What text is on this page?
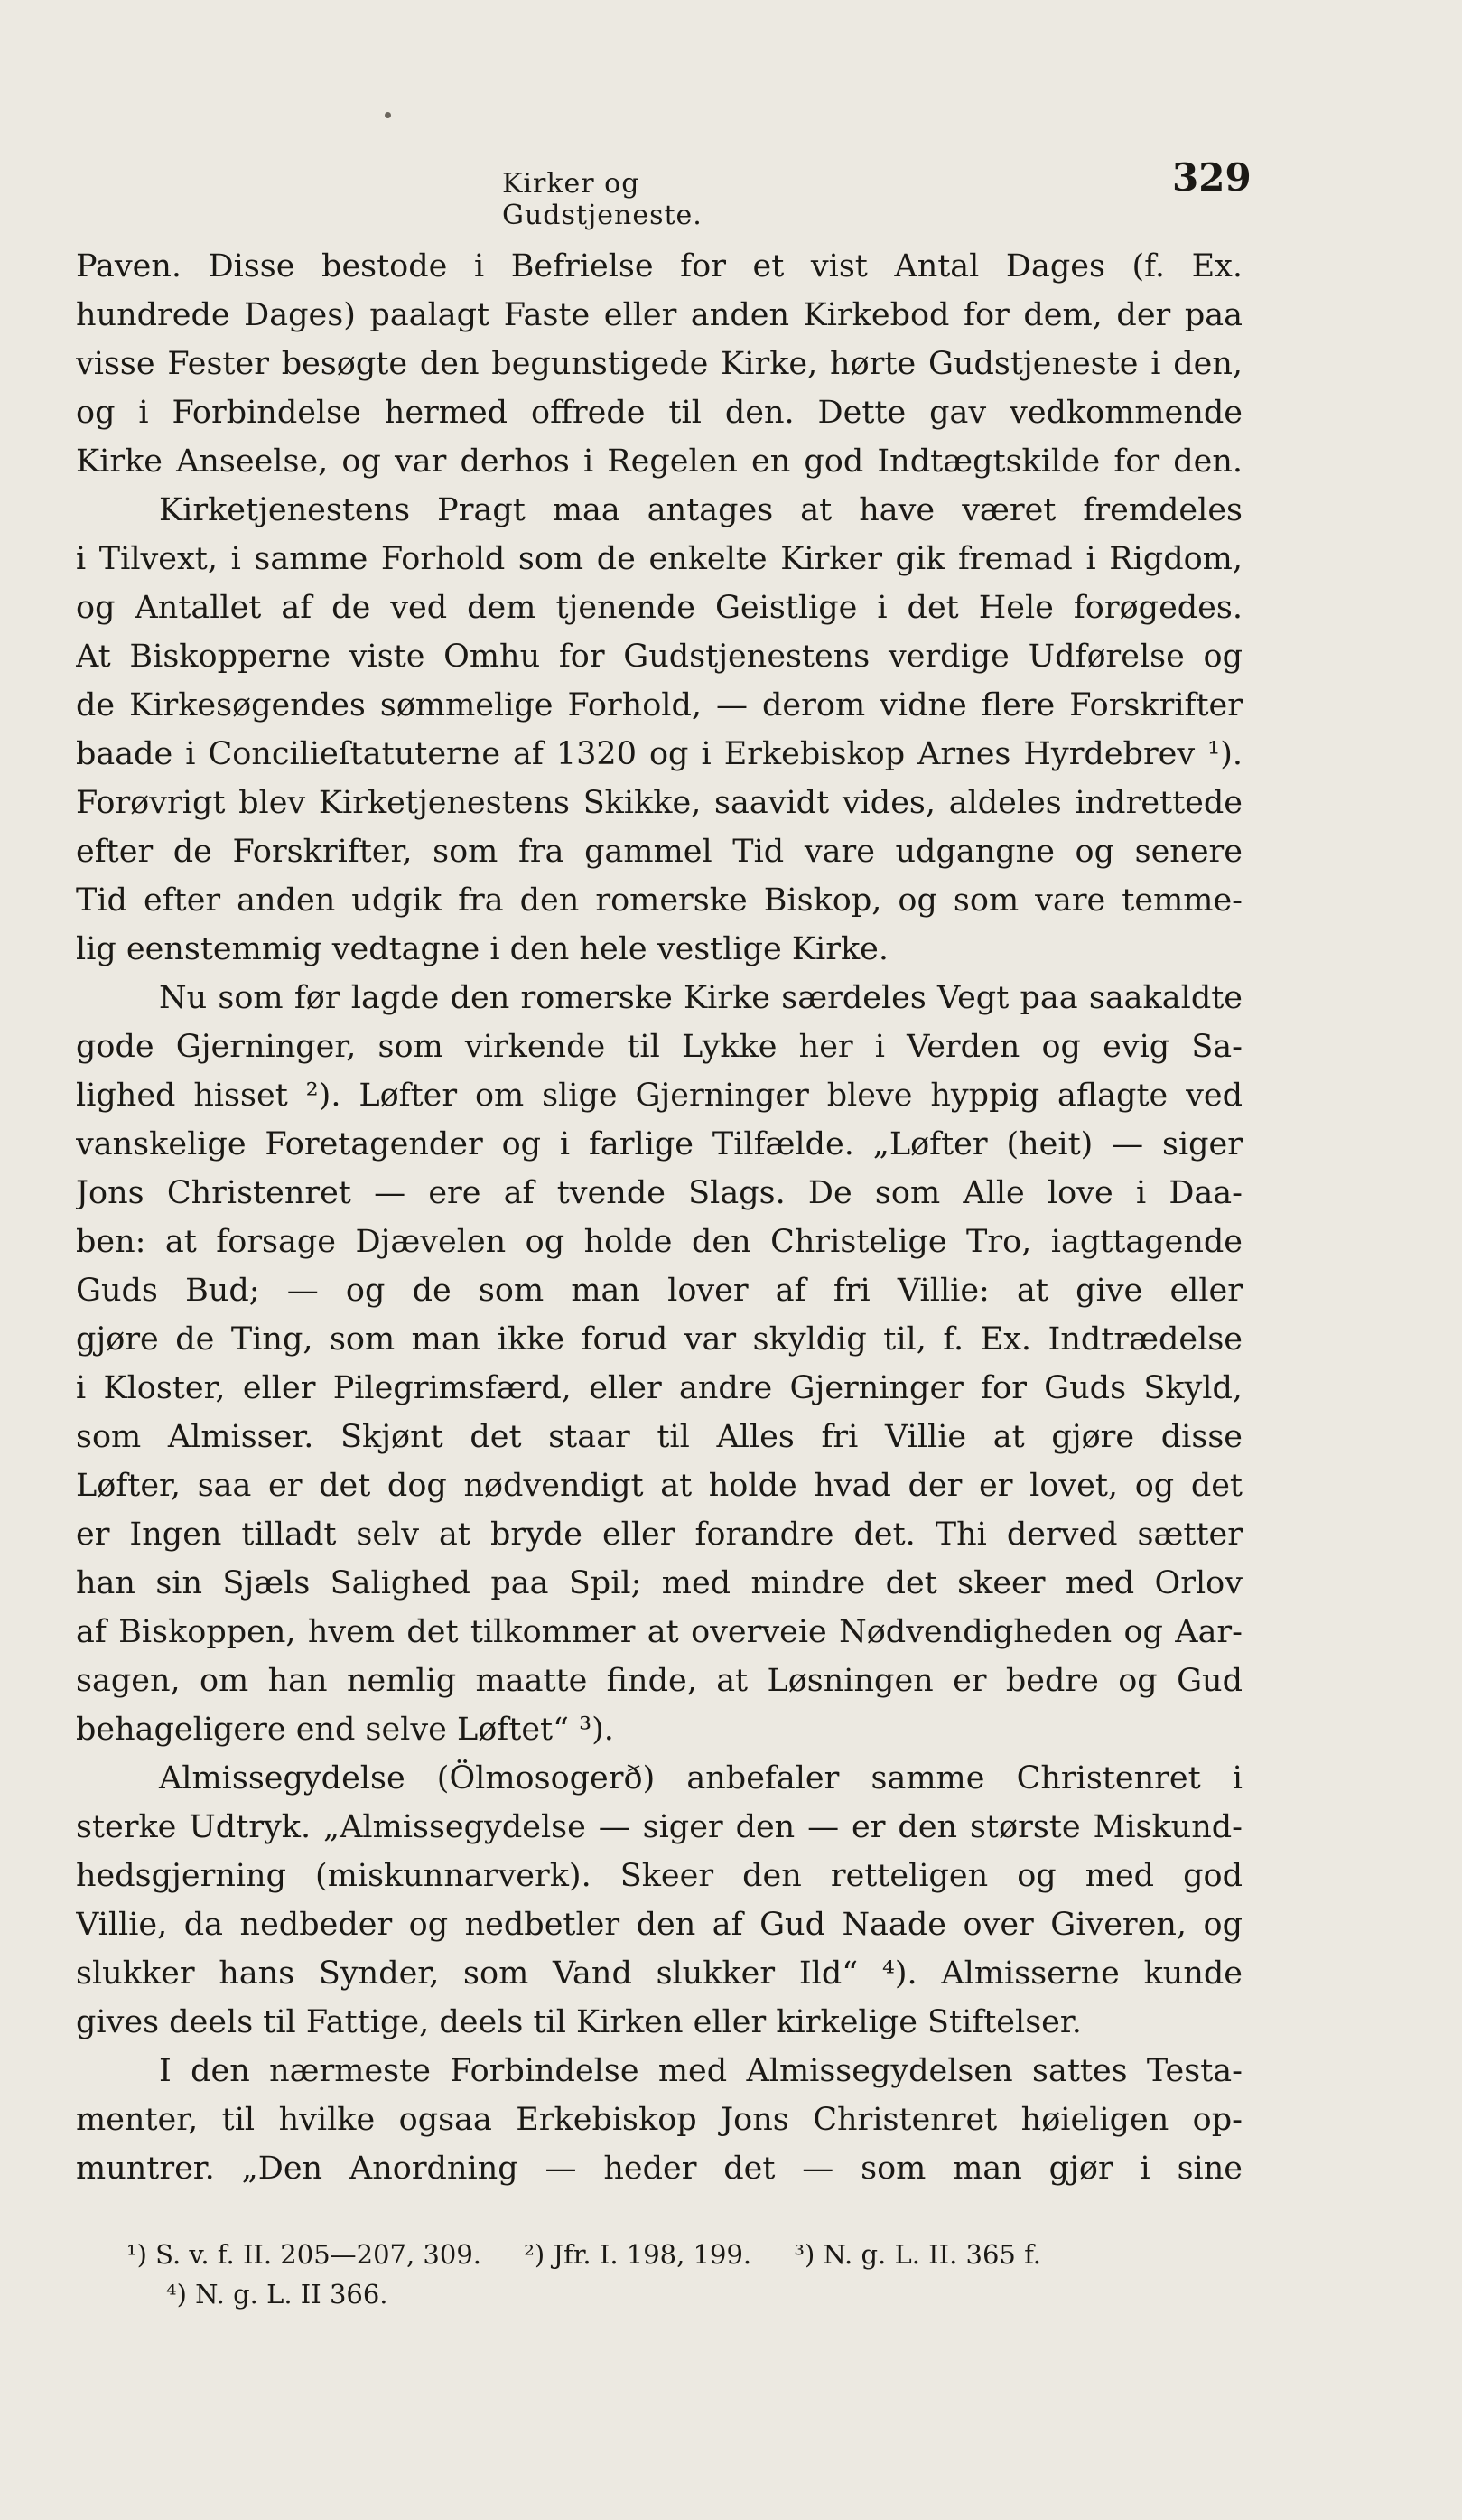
Kirker og Gudstjeneste.
329
Paven. Disse bestode i Befrielse for et vist Antal Dages (f. Ex.
hundrede Dages) paalagt Faste eller anden Kirkebod for dem, der paa
visse Fester besøgte den begunstigede Kirke, hørte Gudstjeneste i den,
og i Forbindelse hermed offrede til den. Dette gav vedkommende
Kirke Anseelse, og var derhos i Regelen en god Indtægtskilde for den.
Kirketjenestens Pragt maa antages at have været fremdeles
i Tilvext, i samme Forhold som de enkelte Kirker gik fremad i Rigdom,
og Antallet af de ved dem tjenende Geistlige i det Hele forøgedes.
At Biskopperne viste Omhu for Gudstjenestens verdige Udførelse og
de Kirkesøgendes sømmelige Forhold, — derom vidne flere Forskrifter
baade i Concilieſtatuterne af 1320 og i Erkebiskop Arnes Hyrdebrev ¹).
Forøvrigt blev Kirketjenestens Skikke, saavidt vides, aldeles indrettede
efter de Forskrifter, som fra gammel Tid vare udgangne og senere
Tid efter anden udgik fra den romerske Biskop, og som vare temme-
lig eenstemmig vedtagne i den hele vestlige Kirke.
Nu som før lagde den romerske Kirke særdeles Vegt paa saakaldte
gode Gjerninger, som virkende til Lykke her i Verden og evig Sa-
lighed hisset ²). Løfter om slige Gjerninger bleve hyppig aflagte ved
vanskelige Foretagender og i farlige Tilfælde. „Løfter (heit) — siger
Jons Christenret — ere af tvende Slags. De som Alle love i Daa-
ben: at forsage Djævelen og holde den Christelige Tro, iagttagende
Guds Bud; — og de som man lover af fri Villie: at give eller
gjøre de Ting, som man ikke forud var skyldig til, f. Ex. Indtrædelse
i Kloster, eller Pilegrimsfærd, eller andre Gjerninger for Guds Skyld,
som Almisser. Skjønt det staar til Alles fri Villie at gjøre disse
Løfter, saa er det dog nødvendigt at holde hvad der er lovet, og det
er Ingen tilladt selv at bryde eller forandre det. Thi derved sætter
han sin Sjæls Salighed paa Spil; med mindre det skeer med Orlov
af Biskoppen, hvem det tilkommer at overveie Nødvendigheden og Aar-
sagen, om han nemlig maatte finde, at Løsningen er bedre og Gud
behageligere end selve Løftet“ ³).
Almissegydelse (Ölmosogerð) anbefaler samme Christenret i
sterke Udtryk. „Almissegydelse — siger den — er den største Miskund-
hedsgjerning (miskunnarverk). Skeer den retteligen og med god
Villie, da nedbeder og nedbetler den af Gud Naade over Giveren, og
slukker hans Synder, som Vand slukker Ild“ ⁴). Almisserne kunde
gives deels til Fattige, deels til Kirken eller kirkelige Stiftelser.
I den nærmeste Forbindelse med Almissegydelsen sattes Testa-
menter, til hvilke ogsaa Erkebiskop Jons Christenret høieligen op-
muntrer. „Den Anordning — heder det — som man gjør i sine
¹) S. v. f. II. 205—207, 309. ²) Jfr. I. 198, 199. ³) N. g. L. II. 365 f.
⁴) N. g. L. II 366.
